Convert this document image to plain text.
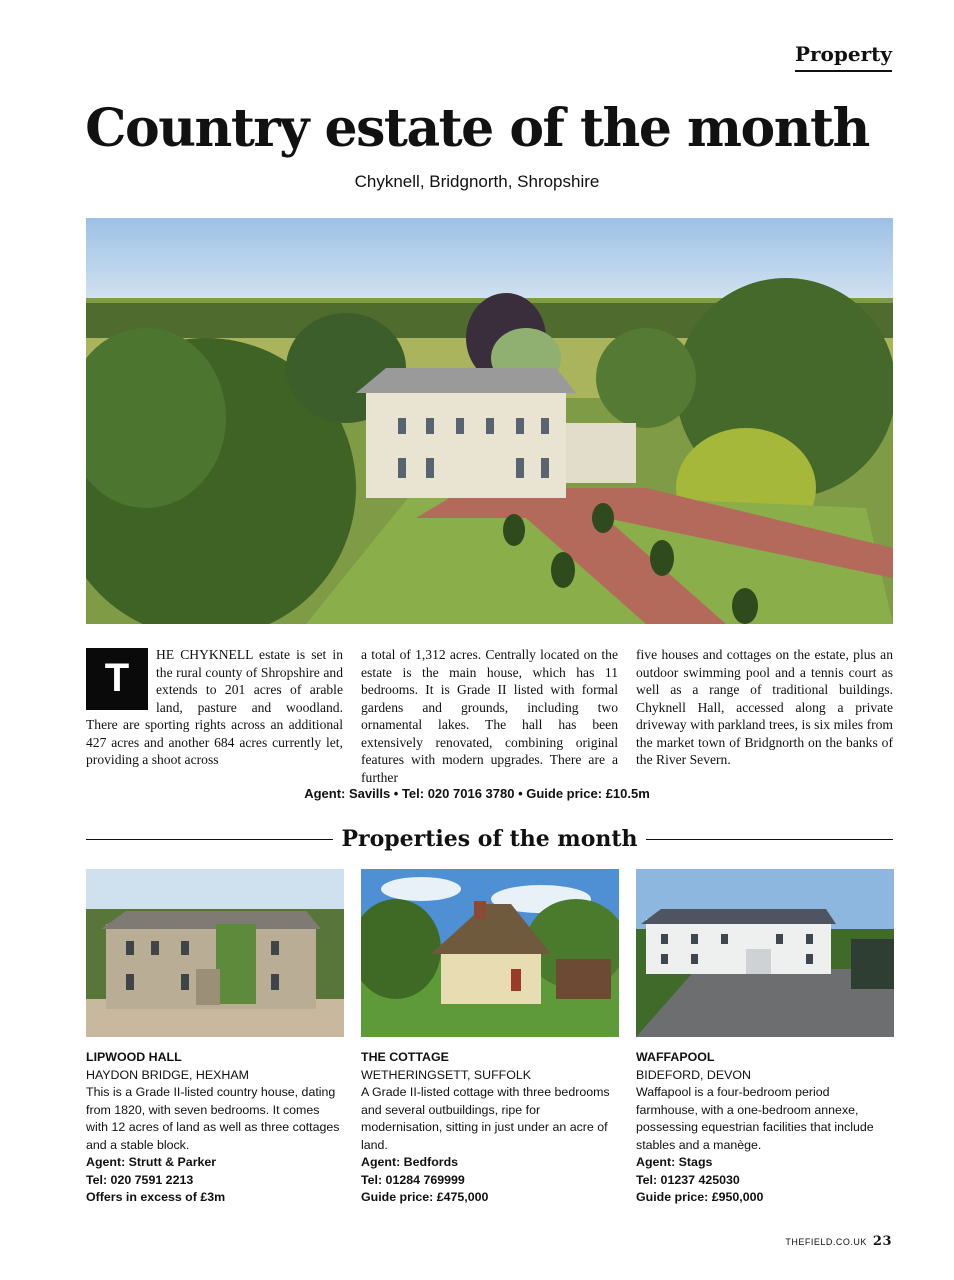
Property
Country estate of the month
Chyknell, Bridgnorth, Shropshire
T
HE CHYKNELL estate is set in the rural county of Shropshire and extends to 201 acres of arable land, pasture and woodland. There are sporting rights across an additional 427 acres and another 684 acres currently let, providing a shoot across
a total of 1,312 acres. Centrally located on the estate is the main house, which has 11 bedrooms. It is Grade II listed with formal gardens and grounds, including two ornamental lakes. The hall has been extensively renovated, combining original features with modern upgrades. There are a further
five houses and cottages on the estate, plus an outdoor swimming pool and a tennis court as well as a range of traditional buildings. Chyknell Hall, accessed along a private driveway with parkland trees, is six miles from the market town of Bridgnorth on the banks of the River Severn.
Agent: Savills • Tel: 020 7016 3780 • Guide price: £10.5m
Properties of the month
LIPWOOD HALL
HAYDON BRIDGE, HEXHAM
This is a Grade II-listed country house, dating from 1820, with seven bedrooms. It comes with 12 acres of land as well as three cottages and a stable block.
Agent: Strutt & Parker
Tel: 020 7591 2213
Offers in excess of £3m
THE COTTAGE
WETHERINGSETT, SUFFOLK
A Grade II-listed cottage with three bedrooms and several outbuildings, ripe for modernisation, sitting in just under an acre of land.
Agent: Bedfords
Tel: 01284 769999
Guide price: £475,000
WAFFAPOOL
BIDEFORD, DEVON
Waffapool is a four-bedroom period farmhouse, with a one-bedroom annexe, possessing equestrian facilities that include stables and a manège.
Agent: Stags
Tel: 01237 425030
Guide price: £950,000
THEFIELD.CO.UK 23
